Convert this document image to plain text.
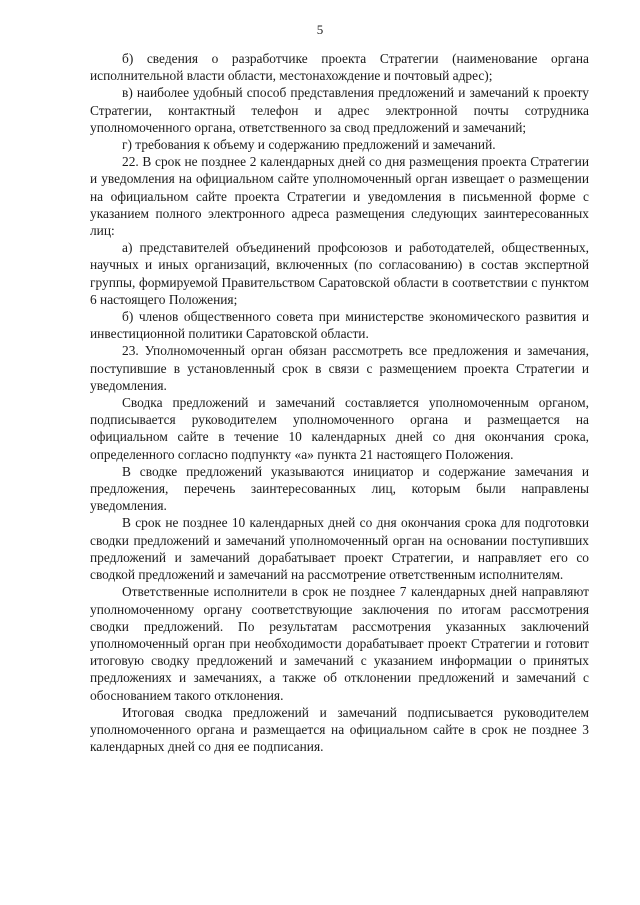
5

б) сведения о разработчике проекта Стратегии (наименование органа исполнительной власти области, местонахождение и почтовый адрес);

в) наиболее удобный способ представления предложений и замечаний к проекту Стратегии, контактный телефон и адрес электронной почты сотрудника уполномоченного органа, ответственного за свод предложений и замечаний;

г) требования к объему и содержанию предложений и замечаний.

22. В срок не позднее 2 календарных дней со дня размещения проекта Стратегии и уведомления на официальном сайте уполномоченный орган извещает о размещении на официальном сайте проекта Стратегии и уведомления в письменной форме с указанием полного электронного адреса размещения следующих заинтересованных лиц:

а) представителей объединений профсоюзов и работодателей, общественных, научных и иных организаций, включенных (по согласованию) в состав экспертной группы, формируемой Правительством Саратовской области в соответствии с пунктом 6 настоящего Положения;

б) членов общественного совета при министерстве экономического развития и инвестиционной политики Саратовской области.

23. Уполномоченный орган обязан рассмотреть все предложения и замечания, поступившие в установленный срок в связи с размещением проекта Стратегии и уведомления.

Сводка предложений и замечаний составляется уполномоченным органом, подписывается руководителем уполномоченного органа и размещается на официальном сайте в течение 10 календарных дней со дня окончания срока, определенного согласно подпункту «а» пункта 21 настоящего Положения.

В сводке предложений указываются инициатор и содержание замечания и предложения, перечень заинтересованных лиц, которым были направлены уведомления.

В срок не позднее 10 календарных дней со дня окончания срока для подготовки сводки предложений и замечаний уполномоченный орган на основании поступивших предложений и замечаний дорабатывает проект Стратегии, и направляет его со сводкой предложений и замечаний на рассмотрение ответственным исполнителям.

Ответственные исполнители в срок не позднее 7 календарных дней направляют уполномоченному органу соответствующие заключения по итогам рассмотрения сводки предложений. По результатам рассмотрения указанных заключений уполномоченный орган при необходимости дорабатывает проект Стратегии и готовит итоговую сводку предложений и замечаний с указанием информации о принятых предложениях и замечаниях, а также об отклонении предложений и замечаний с обоснованием такого отклонения.

Итоговая сводка предложений и замечаний подписывается руководителем уполномоченного органа и размещается на официальном сайте в срок не позднее 3 календарных дней со дня ее подписания.
